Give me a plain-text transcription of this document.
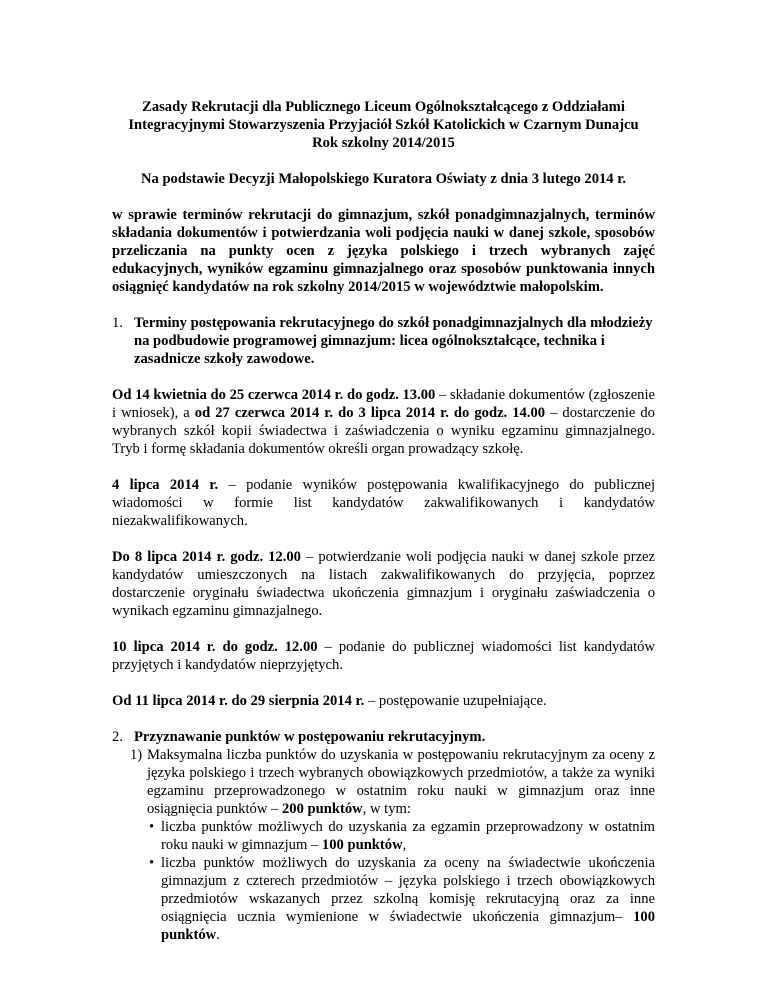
Zasady Rekrutacji dla Publicznego Liceum Ogólnokształcącego z Oddziałami
Integracyjnymi Stowarzyszenia Przyjaciół Szkół Katolickich w Czarnym Dunajcu
Rok szkolny 2014/2015
Na podstawie Decyzji Małopolskiego Kuratora Oświaty z dnia 3 lutego 2014 r.
w sprawie terminów rekrutacji do gimnazjum, szkół ponadgimnazjalnych, terminów składania dokumentów i potwierdzania woli podjęcia nauki w danej szkole, sposobów przeliczania na punkty ocen z języka polskiego i trzech wybranych zajęć edukacyjnych, wyników egzaminu gimnazjalnego oraz sposobów punktowania innych osiągnięć kandydatów na rok szkolny 2014/2015 w województwie małopolskim.
1. Terminy postępowania rekrutacyjnego do szkół ponadgimnazjalnych dla młodzieży na podbudowie programowej gimnazjum: licea ogólnokształcące, technika i zasadnicze szkoły zawodowe.
Od 14 kwietnia do 25 czerwca 2014 r. do godz. 13.00 – składanie dokumentów (zgłoszenie i wniosek), a od 27 czerwca 2014 r. do 3 lipca 2014 r. do godz. 14.00 – dostarczenie do wybranych szkół kopii świadectwa i zaświadczenia o wyniku egzaminu gimnazjalnego. Tryb i formę składania dokumentów określi organ prowadzący szkołę.
4 lipca 2014 r. – podanie wyników postępowania kwalifikacyjnego do publicznej wiadomości w formie list kandydatów zakwalifikowanych i kandydatów niezakwalifikowanych.
Do 8 lipca 2014 r. godz. 12.00 – potwierdzanie woli podjęcia nauki w danej szkole przez kandydatów umieszczonych na listach zakwalifikowanych do przyjęcia, poprzez dostarczenie oryginału świadectwa ukończenia gimnazjum i oryginału zaświadczenia o wynikach egzaminu gimnazjalnego.
10 lipca 2014 r. do godz. 12.00 – podanie do publicznej wiadomości list kandydatów przyjętych i kandydatów nieprzyjętych.
Od 11 lipca 2014 r. do 29 sierpnia 2014 r. – postępowanie uzupełniające.
2. Przyznawanie punktów w postępowaniu rekrutacyjnym.
1) Maksymalna liczba punktów do uzyskania w postępowaniu rekrutacyjnym za oceny z języka polskiego i trzech wybranych obowiązkowych przedmiotów, a także za wyniki egzaminu przeprowadzonego w ostatnim roku nauki w gimnazjum oraz inne osiągnięcia punktów – 200 punktów, w tym:
• liczba punktów możliwych do uzyskania za egzamin przeprowadzony w ostatnim roku nauki w gimnazjum – 100 punktów,
• liczba punktów możliwych do uzyskania za oceny na świadectwie ukończenia gimnazjum z czterech przedmiotów – języka polskiego i trzech obowiązkowych przedmiotów wskazanych przez szkolną komisję rekrutacyjną oraz za inne osiągnięcia ucznia wymienione w świadectwie ukończenia gimnazjum– 100 punktów.
